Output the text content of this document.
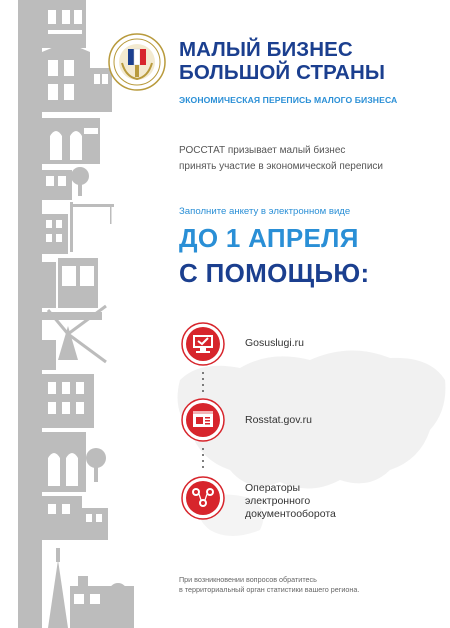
МАЛЫЙ БИЗНЕС
БОЛЬШОЙ СТРАНЫ
ЭКОНОМИЧЕСКАЯ ПЕРЕПИСЬ МАЛОГО БИЗНЕСА
РОССТАТ призывает малый бизнес
принять участие в экономической переписи
Заполните анкету в электронном виде
ДО 1 АПРЕЛЯ
С ПОМОЩЬЮ:
Gosuslugi.ru
Rosstat.gov.ru
Операторы
электронного
документооборота
При возникновении вопросов обратитесь
в территориальный орган статистики вашего региона.
